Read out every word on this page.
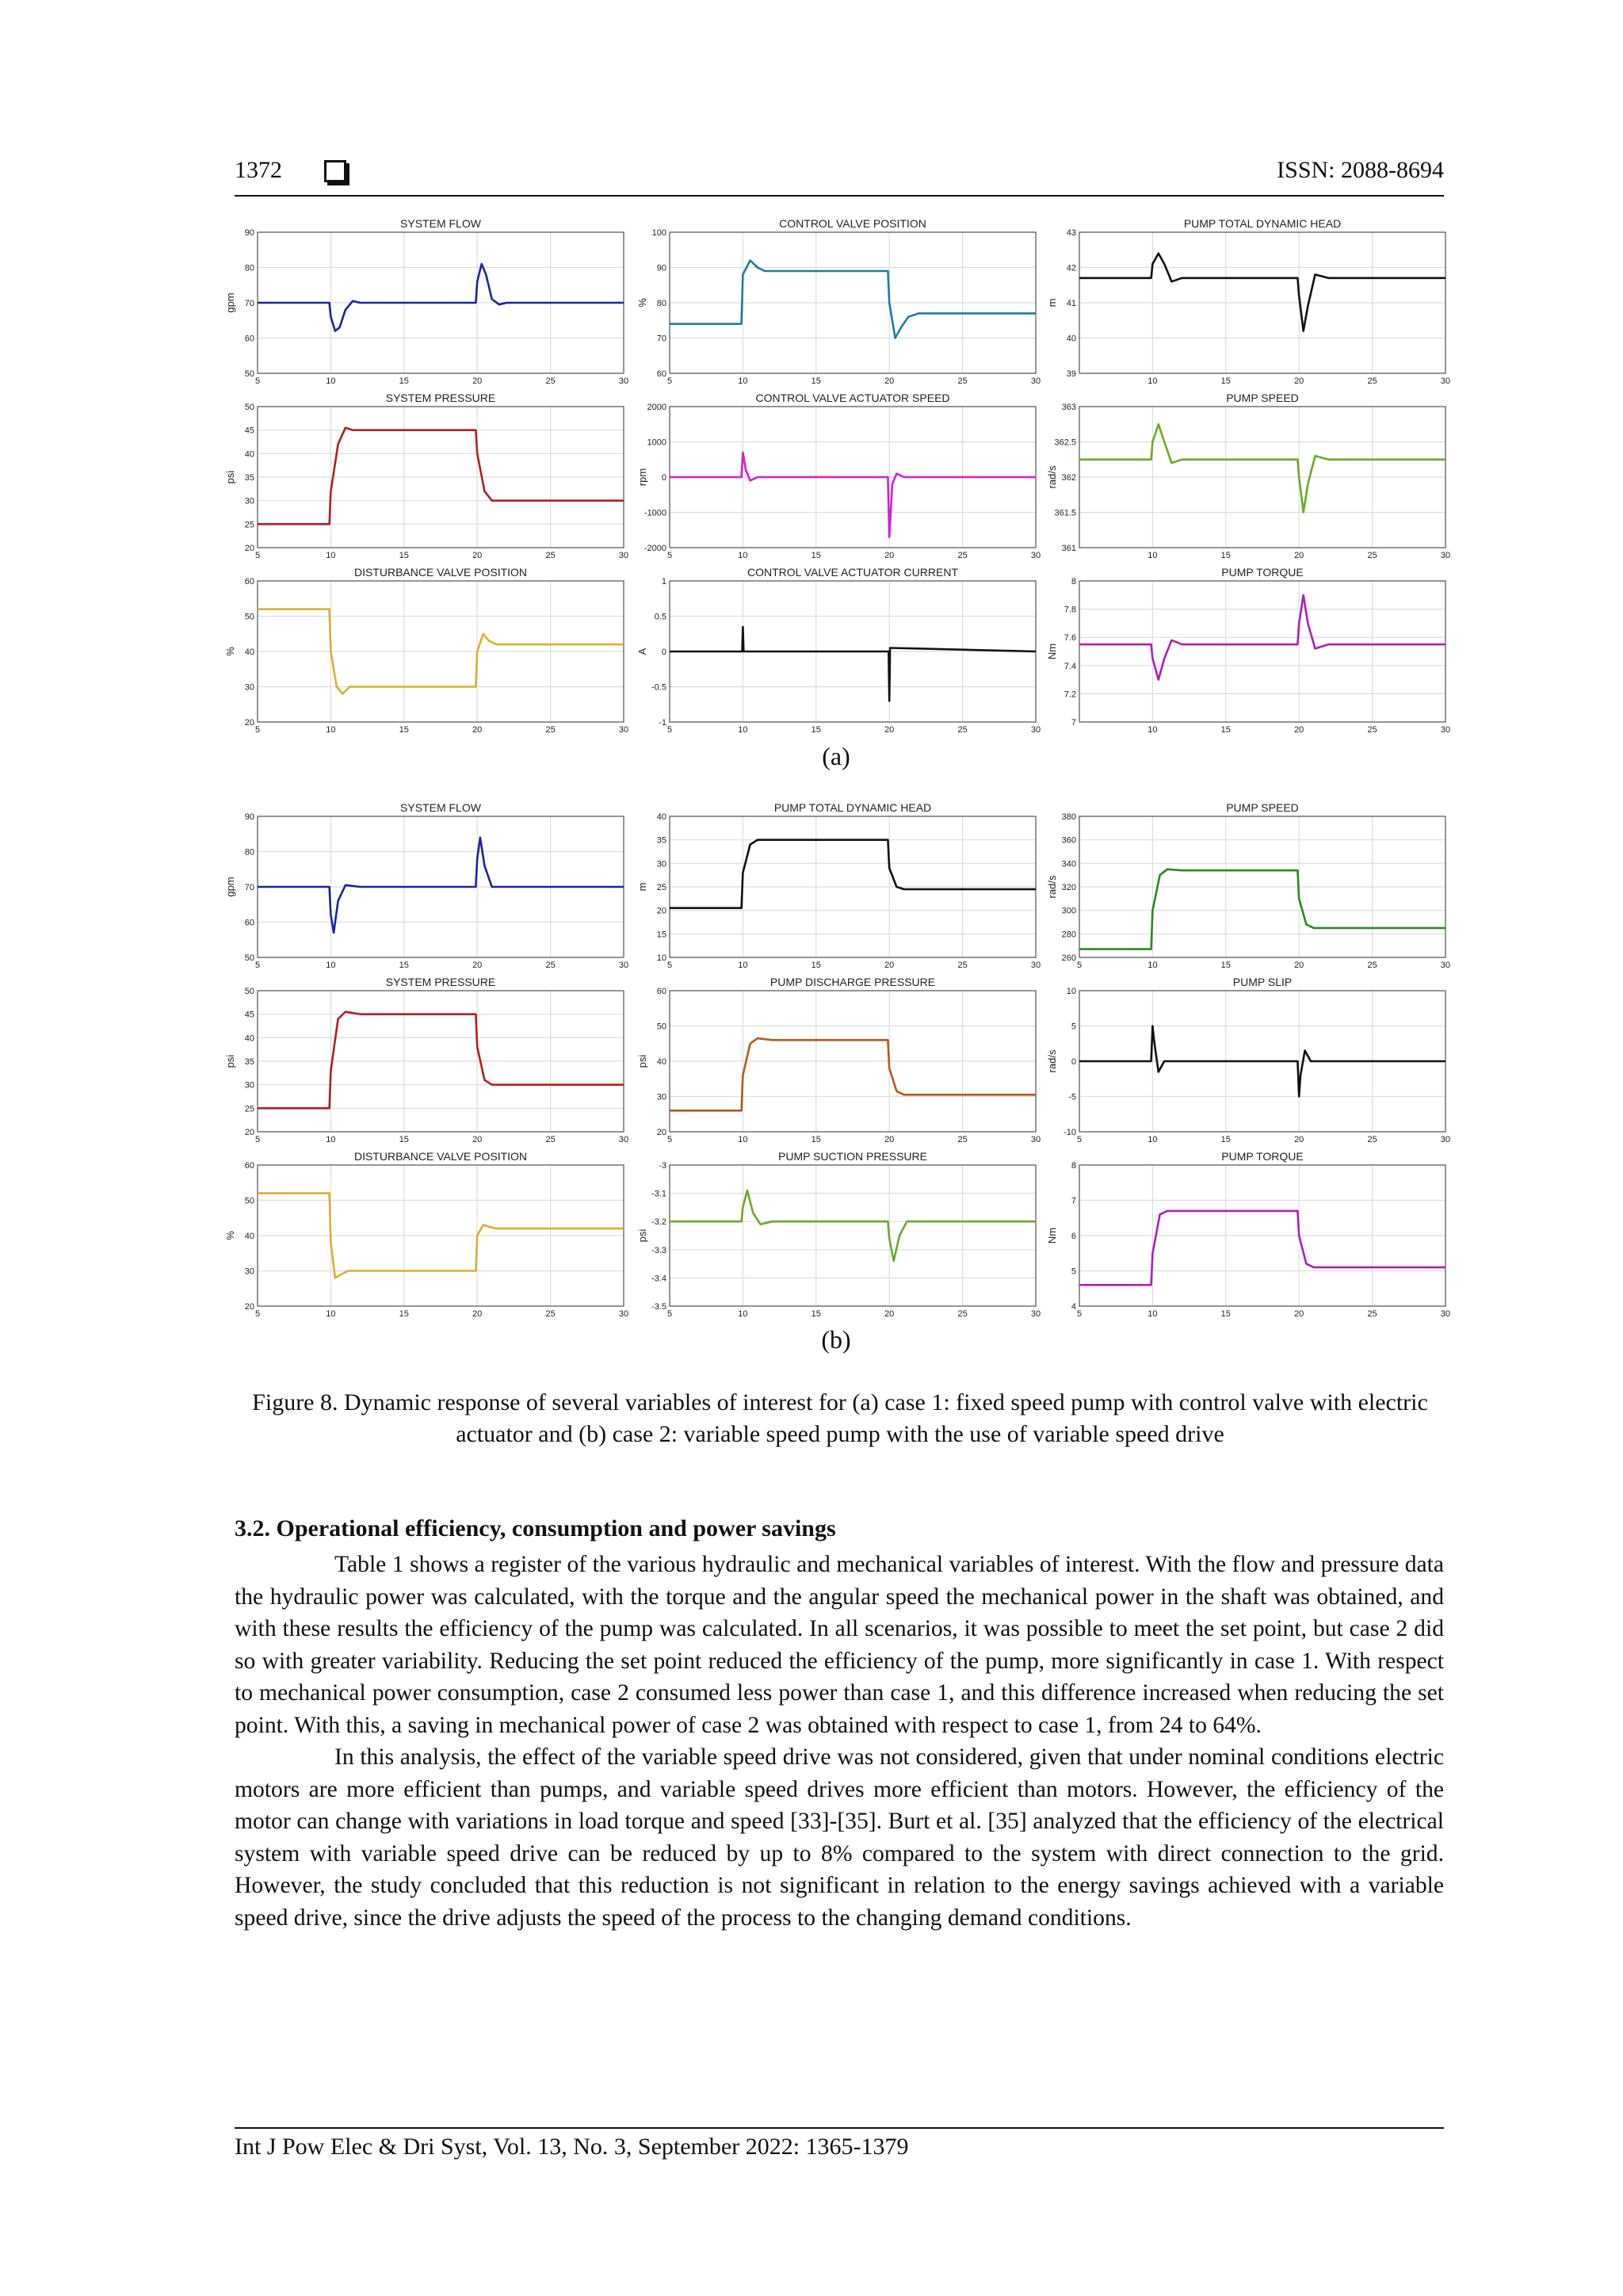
1372	ISSN: 2088-8694
50
60
70
80
90
5	10	15	20	25	30
SYSTEM FLOW
gpm
60
70
80
90
100
5	10	15	20	25	30
CONTROL VALVE POSITION
%
39
40
41
42
43
10	15	20	25	30
PUMP TOTAL DYNAMIC HEAD
m
20
25
30
35
40
45
50
5	10	15	20	25	30
SYSTEM PRESSURE
psi
-2000
-1000
0
1000
2000
5	10	15	20	25	30
CONTROL VALVE ACTUATOR SPEED
rpm
361
361.5
362
362.5
363
10	15	20	25	30
PUMP SPEED
rad/s
20
30
40
50
60
5	10	15	20	25	30
DISTURBANCE VALVE POSITION
%
-1
-0.5
0
0.5
1
5	10	15	20	25	30
CONTROL VALVE ACTUATOR CURRENT
A
7
7.2
7.4
7.6
7.8
8
10	15	20	25	30
PUMP TORQUE
Nm
(a)
50
60
70
80
90
5	10	15	20	25	30
SYSTEM FLOW
gpm
10
15
20
25
30
35
40
5	10	15	20	25	30
PUMP TOTAL DYNAMIC HEAD
m
260
280
300
320
340
360
380
5	10	15	20	25	30
PUMP SPEED
rad/s
20
25
30
35
40
45
50
5	10	15	20	25	30
SYSTEM PRESSURE
psi
20
30
40
50
60
5	10	15	20	25	30
PUMP DISCHARGE PRESSURE
psi
-10
-5
0
5
10
5	10	15	20	25	30
PUMP SLIP
rad/s
20
30
40
50
60
5	10	15	20	25	30
DISTURBANCE VALVE POSITION
%
-3.5
-3.4
-3.3
-3.2
-3.1
-3
5	10	15	20	25	30
PUMP SUCTION PRESSURE
psi
4
5
6
7
8
5	10	15	20	25	30
PUMP TORQUE
Nm
(b)
Figure 8. Dynamic response of several variables of interest for (a) case 1: fixed speed pump with control valve with electric actuator and (b) case 2: variable speed pump with the use of variable speed drive
3.2. Operational efficiency, consumption and power savings

Table 1 shows a register of the various hydraulic and mechanical variables of interest. With the flow and pressure data the hydraulic power was calculated, with the torque and the angular speed the mechanical power in the shaft was obtained, and with these results the efficiency of the pump was calculated. In all scenarios, it was possible to meet the set point, but case 2 did so with greater variability. Reducing the set point reduced the efficiency of the pump, more significantly in case 1. With respect to mechanical power consumption, case 2 consumed less power than case 1, and this difference increased when reducing the set point. With this, a saving in mechanical power of case 2 was obtained with respect to case 1, from 24 to 64%.

In this analysis, the effect of the variable speed drive was not considered, given that under nominal conditions electric motors are more efficient than pumps, and variable speed drives more efficient than motors. However, the efficiency of the motor can change with variations in load torque and speed [33]-[35]. Burt et al. [35] analyzed that the efficiency of the electrical system with variable speed drive can be reduced by up to 8% compared to the system with direct connection to the grid. However, the study concluded that this reduction is not significant in relation to the energy savings achieved with a variable speed drive, since the drive adjusts the speed of the process to the changing demand conditions.

Int J Pow Elec & Dri Syst, Vol. 13, No. 3, September 2022: 1365-1379
